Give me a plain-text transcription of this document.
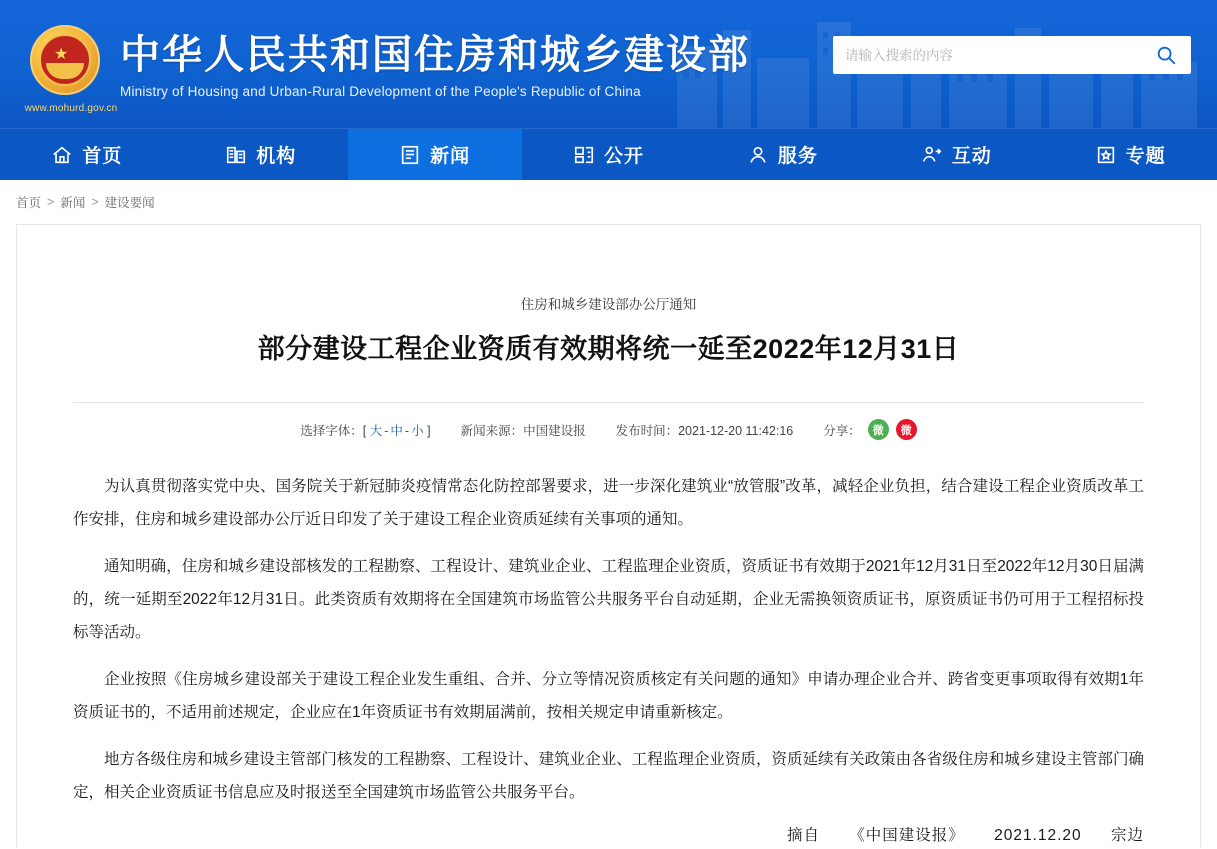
★
www.mohurd.gov.cn
中华人民共和国住房和城乡建设部
Ministry of Housing and Urban-Rural Development of the People's Republic of China
请输入搜索的内容
首页	机构	新闻	公开	服务	互动	专题
首页 > 新闻 > 建设要闻
住房和城乡建设部办公厅通知
部分建设工程企业资质有效期将统一延至2022年12月31日
选择字体：[ 大 - 中 - 小 ] 新闻来源：中国建设报 发布时间：2021-12-20 11:42:16 分享：	微	微

为认真贯彻落实党中央、国务院关于新冠肺炎疫情常态化防控部署要求，进一步深化建筑业“放管服”改革，减轻企业负担，结合建设工程企业资质改革工作安排，住房和城乡建设部办公厅近日印发了关于建设工程企业资质延续有关事项的通知。

通知明确，住房和城乡建设部核发的工程勘察、工程设计、建筑业企业、工程监理企业资质，资质证书有效期于2021年12月31日至2022年12月30日届满的，统一延期至2022年12月31日。此类资质有效期将在全国建筑市场监管公共服务平台自动延期，企业无需换领资质证书，原资质证书仍可用于工程招标投标等活动。

企业按照《住房城乡建设部关于建设工程企业发生重组、合并、分立等情况资质核定有关问题的通知》申请办理企业合并、跨省变更事项取得有效期1年资质证书的，不适用前述规定，企业应在1年资质证书有效期届满前，按相关规定申请重新核定。

地方各级住房和城乡建设主管部门核发的工程勘察、工程设计、建筑业企业、工程监理企业资质，资质延续有关政策由各省级住房和城乡建设主管部门确定，相关企业资质证书信息应及时报送至全国建筑市场监管公共服务平台。

摘自 《中国建设报》 2021.12.20 宗边
